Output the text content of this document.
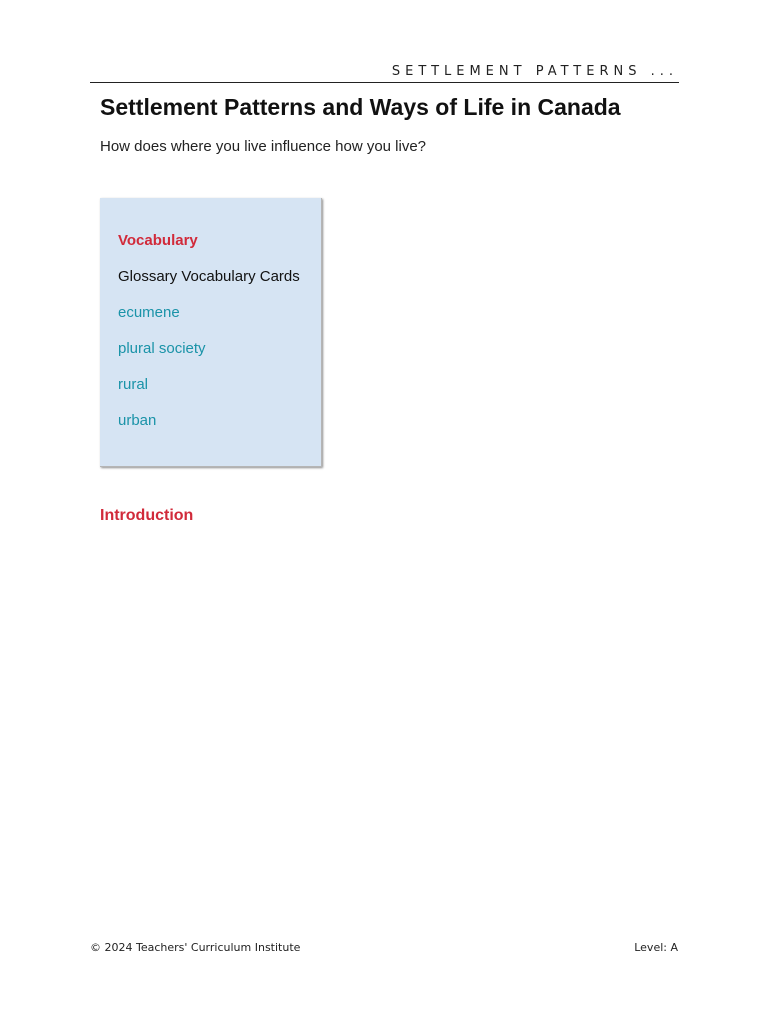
SETTLEMENT PATTERNS ...
Settlement Patterns and Ways of Life in Canada
How does where you live influence how you live?
Vocabulary
Glossary Vocabulary Cards
ecumene
plural society
rural
urban
Introduction
© 2024 Teachers' Curriculum Institute	Level: A
